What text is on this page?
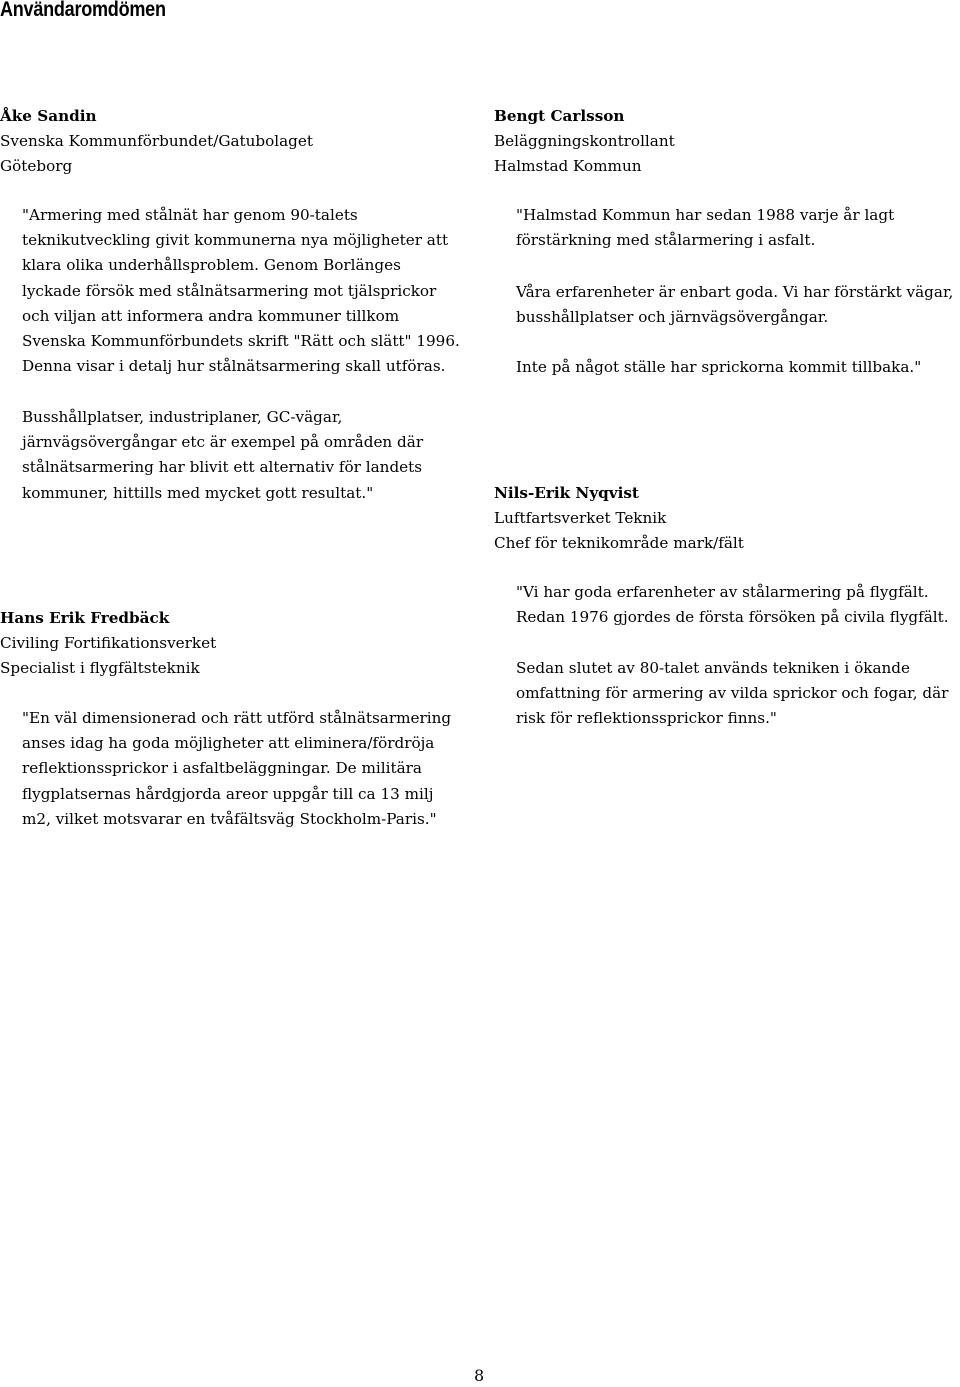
Användaromdömen

Åke Sandin

Svenska Kommunförbundet/Gatubolaget

Göteborg

"Armering med stålnät har genom 90-talets

teknikutveckling givit kommunerna nya möjligheter att

klara olika underhållsproblem. Genom Borlänges

lyckade försök med stålnätsarmering mot tjälsprickor

och viljan att informera andra kommuner tillkom

Svenska Kommunförbundets skrift "Rätt och slätt" 1996.

Denna visar i detalj hur stålnätsarmering skall utföras.

Busshållplatser, industriplaner, GC-vägar,

järnvägsövergångar etc är exempel på områden där

stålnätsarmering har blivit ett alternativ för landets

kommuner, hittills med mycket gott resultat."

Bengt Carlsson

Beläggningskontrollant

Halmstad Kommun

"Halmstad Kommun har sedan 1988 varje år lagt

förstärkning med stålarmering i asfalt.

Våra erfarenheter är enbart goda. Vi har förstärkt vägar,

busshållplatser och järnvägsövergångar.

Inte på något ställe har sprickorna kommit tillbaka."

Nils-Erik Nyqvist

Luftfartsverket Teknik

Chef för teknikområde mark/fält

"Vi har goda erfarenheter av stålarmering på flygfält.

Redan 1976 gjordes de första försöken på civila flygfält.

Sedan slutet av 80-talet används tekniken i ökande

omfattning för armering av vilda sprickor och fogar, där

risk för reflektionssprickor finns."

Hans Erik Fredbäck

Civiling Fortifikationsverket

Specialist i flygfältsteknik

"En väl dimensionerad och rätt utförd stålnätsarmering

anses idag ha goda möjligheter att eliminera/fördröja

reflektionssprickor i asfaltbeläggningar. De militära

flygplatsernas hårdgjorda areor uppgår till ca 13 milj

m2, vilket motsvarar en tvåfältsväg Stockholm-Paris."

8
